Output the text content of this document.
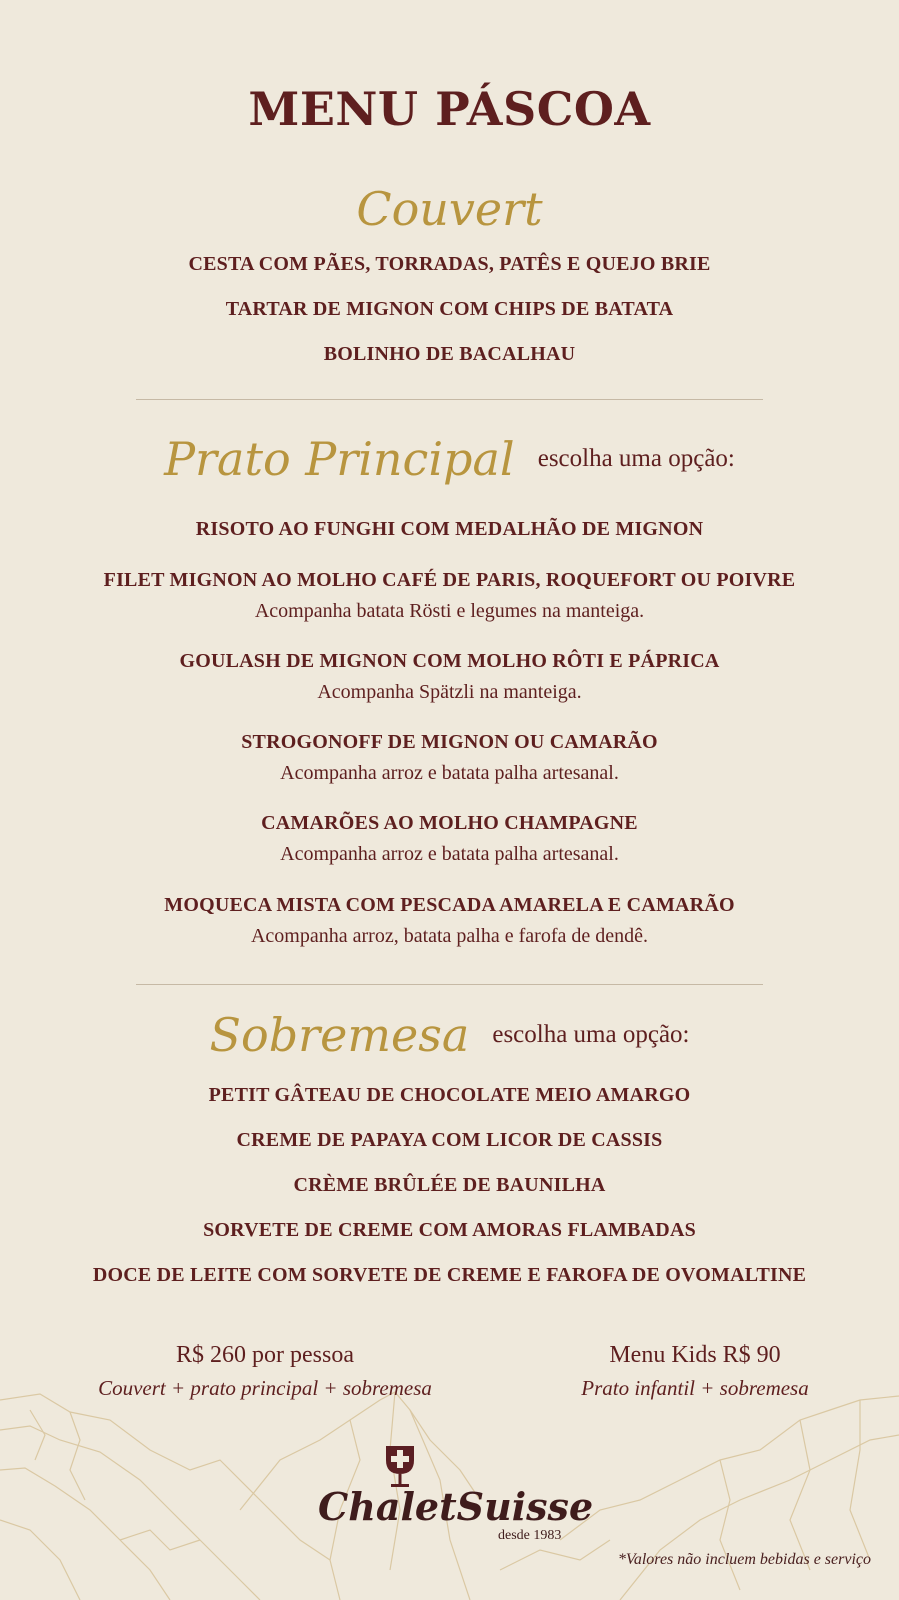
MENU PÁSCOA
Couvert
CESTA COM PÃES, TORRADAS, PATÊS E QUEJO BRIE
TARTAR DE MIGNON COM CHIPS DE BATATA
BOLINHO DE BACALHAU
Prato Principal escolha uma opção:
RISOTO AO FUNGHI COM MEDALHÃO DE MIGNON
FILET MIGNON AO MOLHO CAFÉ DE PARIS, ROQUEFORT OU POIVRE
Acompanha batata Rösti e legumes na manteiga.
GOULASH DE MIGNON COM MOLHO RÔTI E PÁPRICA
Acompanha Spätzli na manteiga.
STROGONOFF DE MIGNON OU CAMARÃO
Acompanha arroz e batata palha artesanal.
CAMARÕES AO MOLHO CHAMPAGNE
Acompanha arroz e batata palha artesanal.
MOQUECA MISTA COM PESCADA AMARELA E CAMARÃO
Acompanha arroz, batata palha e farofa de dendê.
Sobremesa escolha uma opção:
PETIT GÂTEAU DE CHOCOLATE MEIO AMARGO
CREME DE PAPAYA COM LICOR DE CASSIS
CRÈME BRÛLÉE DE BAUNILHA
SORVETE DE CREME COM AMORAS FLAMBADAS
DOCE DE LEITE COM SORVETE DE CREME E FAROFA DE OVOMALTINE
ChaletSuisse
desde 1983
R$ 260 por pessoa
Couvert + prato principal + sobremesa
Menu Kids R$ 90
Prato infantil + sobremesa
*Valores não incluem bebidas e serviço
